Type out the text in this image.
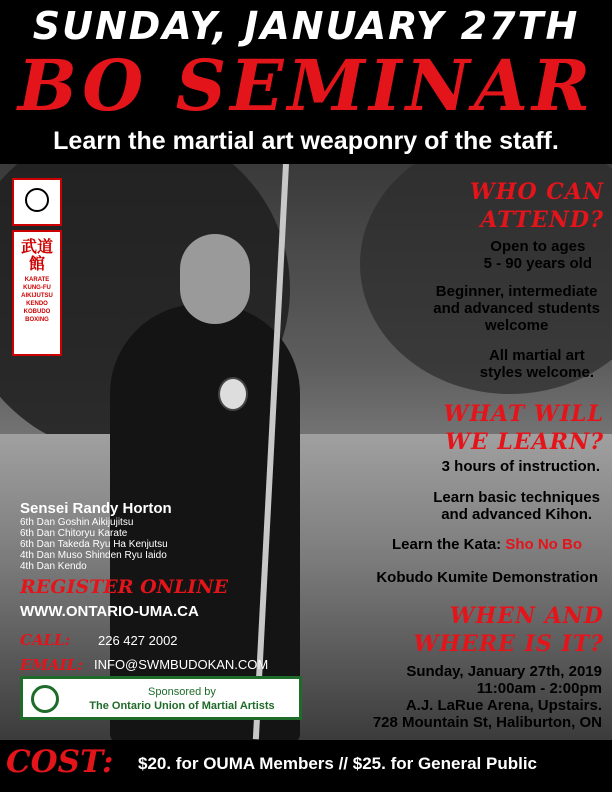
SUNDAY, JANUARY 27TH
BO SEMINAR
Learn the martial art weaponry of the staff.
武道館
KARATE
KUNG-FU
AIKIJUTSU
KENDO
KOBUDO
BOXING
WHO CAN
ATTEND?
Open to ages
5 - 90 years old
Beginner, intermediate
and advanced students
welcome
All martial art
styles welcome.
WHAT WILL
WE LEARN?
3 hours of instruction.
Learn basic techniques
and advanced Kihon.
Learn the Kata: Sho No Bo
Kobudo Kumite Demonstration
WHEN AND
WHERE IS IT?
Sunday, January 27th, 2019
11:00am - 2:00pm
A.J. LaRue Arena, Upstairs.
728 Mountain St, Haliburton, ON
Sensei Randy Horton
6th Dan Goshin Aikijujitsu
6th Dan Chitoryu Karate
6th Dan Takeda Ryu Ha Kenjutsu
4th Dan Muso Shinden Ryu Iaido
4th Dan Kendo
REGISTER ONLINE
WWW.ONTARIO-UMA.CA
CALL: 226 427 2002
EMAIL: INFO@SWMBUDOKAN.COM
Sponsored by
The Ontario Union of Martial Artists
COST: $20. for OUMA Members // $25. for General Public
